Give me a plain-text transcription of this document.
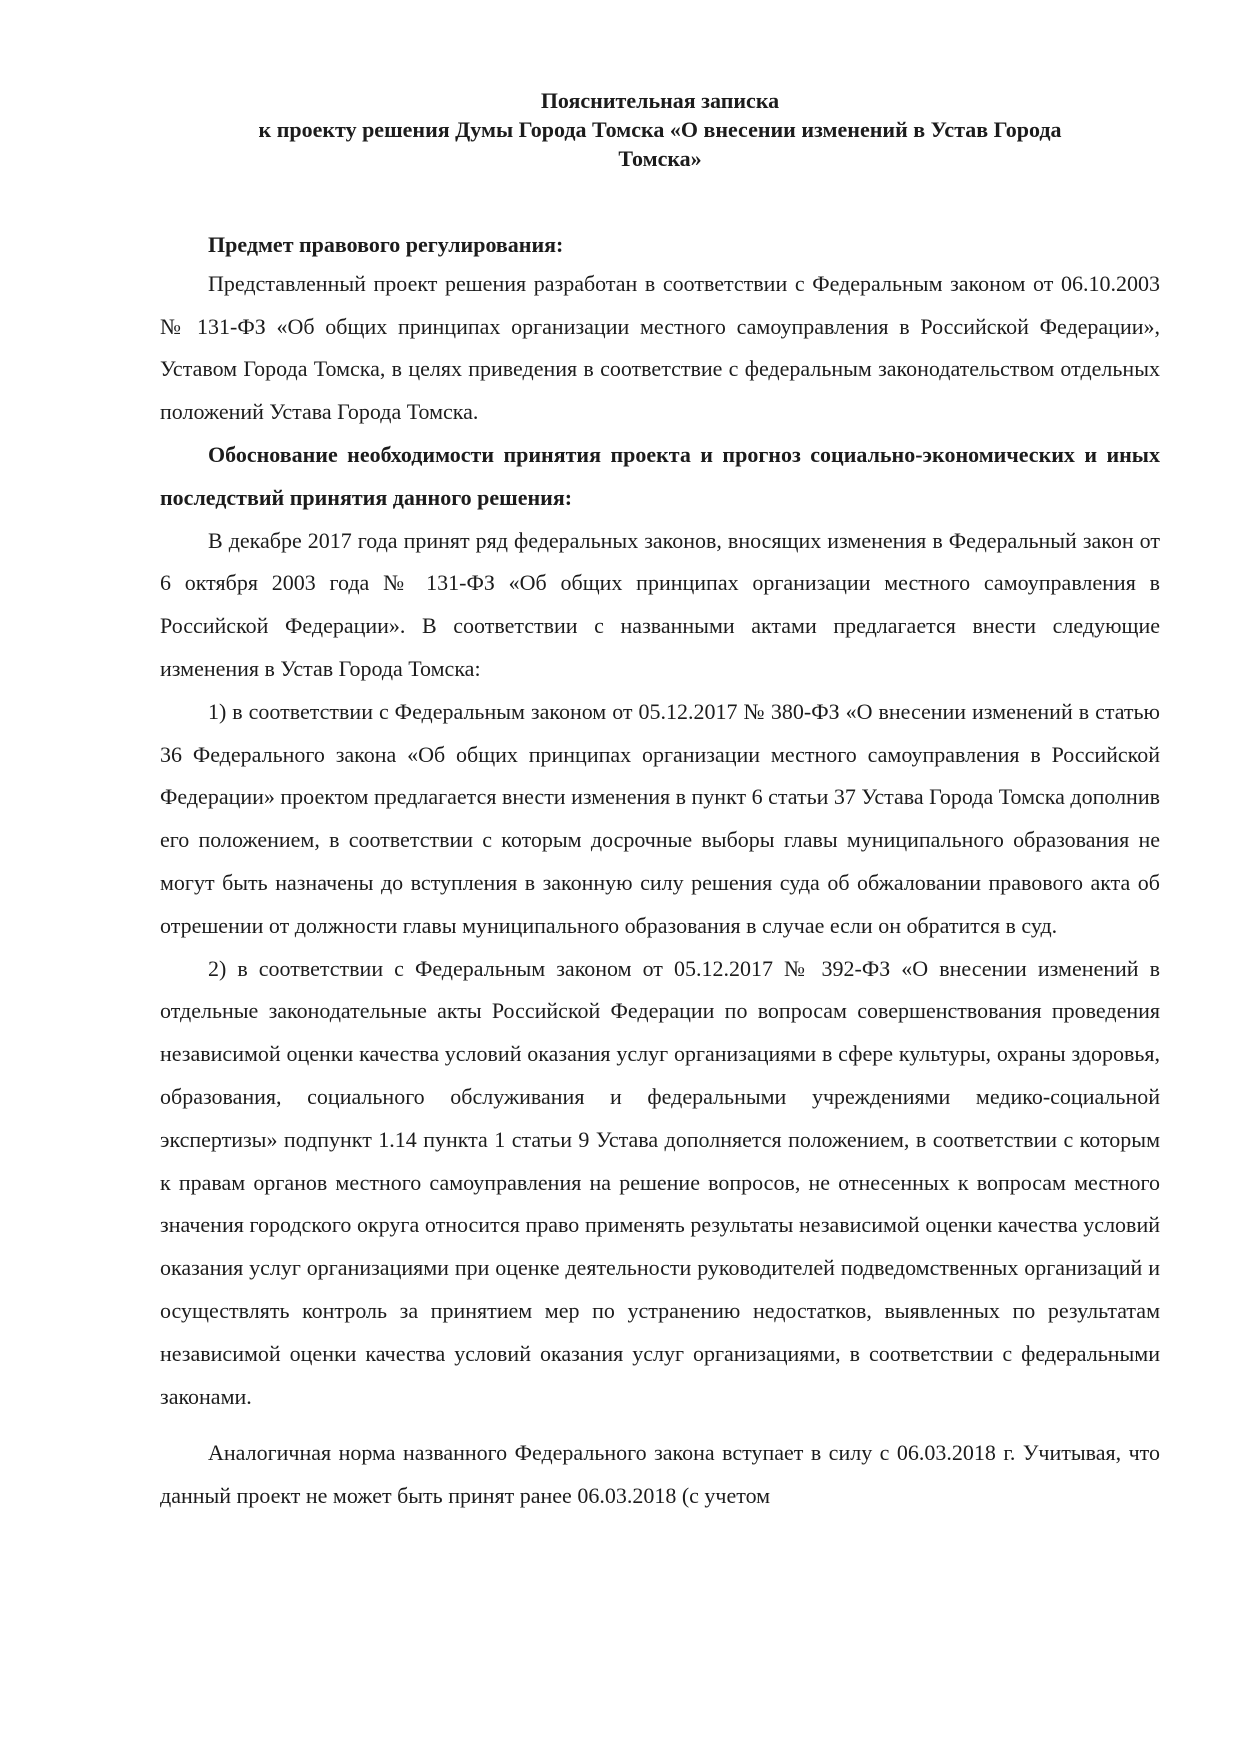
Пояснительная записка
к проекту решения Думы Города Томска «О внесении изменений в Устав Города
Томска»

Предмет правового регулирования:

Представленный проект решения разработан в соответствии с Федеральным законом от 06.10.2003 № 131-ФЗ «Об общих принципах организации местного самоуправления в Российской Федерации», Уставом Города Томска, в целях приведения в соответствие с федеральным законодательством отдельных положений Устава Города Томска.

Обоснование необходимости принятия проекта и прогноз социально-экономических и иных последствий принятия данного решения:

В декабре 2017 года принят ряд федеральных законов, вносящих изменения в Федеральный закон от 6 октября 2003 года № 131-ФЗ «Об общих принципах организации местного самоуправления в Российской Федерации». В соответствии с названными актами предлагается внести следующие изменения в Устав Города Томска:

1) в соответствии с Федеральным законом от 05.12.2017 № 380-ФЗ «О внесении изменений в статью 36 Федерального закона «Об общих принципах организации местного самоуправления в Российской Федерации» проектом предлагается внести изменения в пункт 6 статьи 37 Устава Города Томска дополнив его положением, в соответствии с которым досрочные выборы главы муниципального образования не могут быть назначены до вступления в законную силу решения суда об обжаловании правового акта об отрешении от должности главы муниципального образования в случае если он обратится в суд.

2) в соответствии с Федеральным законом от 05.12.2017 № 392-ФЗ «О внесении изменений в отдельные законодательные акты Российской Федерации по вопросам совершенствования проведения независимой оценки качества условий оказания услуг организациями в сфере культуры, охраны здоровья, образования, социального обслуживания и федеральными учреждениями медико-социальной экспертизы» подпункт 1.14 пункта 1 статьи 9 Устава дополняется положением, в соответствии с которым к правам органов местного самоуправления на решение вопросов, не отнесенных к вопросам местного значения городского округа относится право применять результаты независимой оценки качества условий оказания услуг организациями при оценке деятельности руководителей подведомственных организаций и осуществлять контроль за принятием мер по устранению недостатков, выявленных по результатам независимой оценки качества условий оказания услуг организациями, в соответствии с федеральными законами.

Аналогичная норма названного Федерального закона вступает в силу с 06.03.2018 г. Учитывая, что данный проект не может быть принят ранее 06.03.2018 (с учетом
